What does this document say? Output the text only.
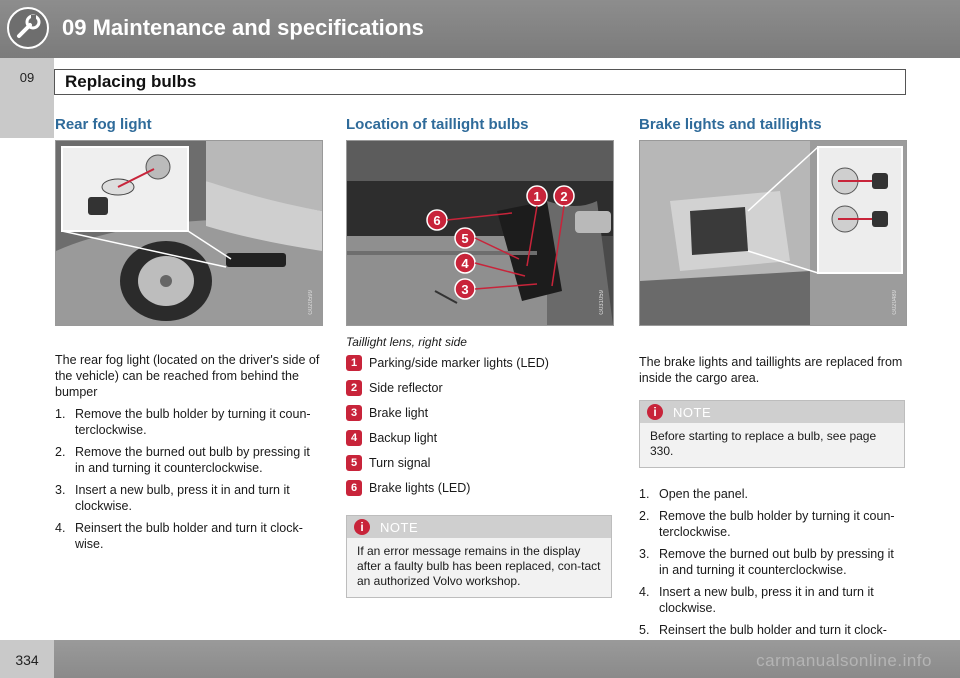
09 Maintenance and specifications
09	Replacing bulbs
Rear fog light
G020599

The rear fog light (located on the driver's side of the vehicle) can be reached from behind the bumper

1. Remove the bulb holder by turning it coun-terclockwise.
2. Remove the burned out bulb by pressing it in and turning it counterclockwise.
3. Insert a new bulb, press it in and turn it clockwise.
4. Reinsert the bulb holder and turn it clock-wise.
Location of taillight bulbs
6
1 2
5
4
3
G031059
Taillight lens, right side
1 Parking/side marker lights (LED)
2 Side reflector
3 Brake light
4 Backup light
5 Turn signal
6 Brake lights (LED)
i	NOTE
If an error message remains in the display after a faulty bulb has been replaced, con-tact an authorized Volvo workshop.
Brake lights and taillights
G020489

The brake lights and taillights are replaced from inside the cargo area.

i	NOTE
Before starting to replace a bulb, see page 330.
1. Open the panel.
2. Remove the bulb holder by turning it coun-terclockwise.
3. Remove the burned out bulb by pressing it in and turning it counterclockwise.
4. Insert a new bulb, press it in and turn it clockwise.
5. Reinsert the bulb holder and turn it clock-
334	carmanualsonline.info
